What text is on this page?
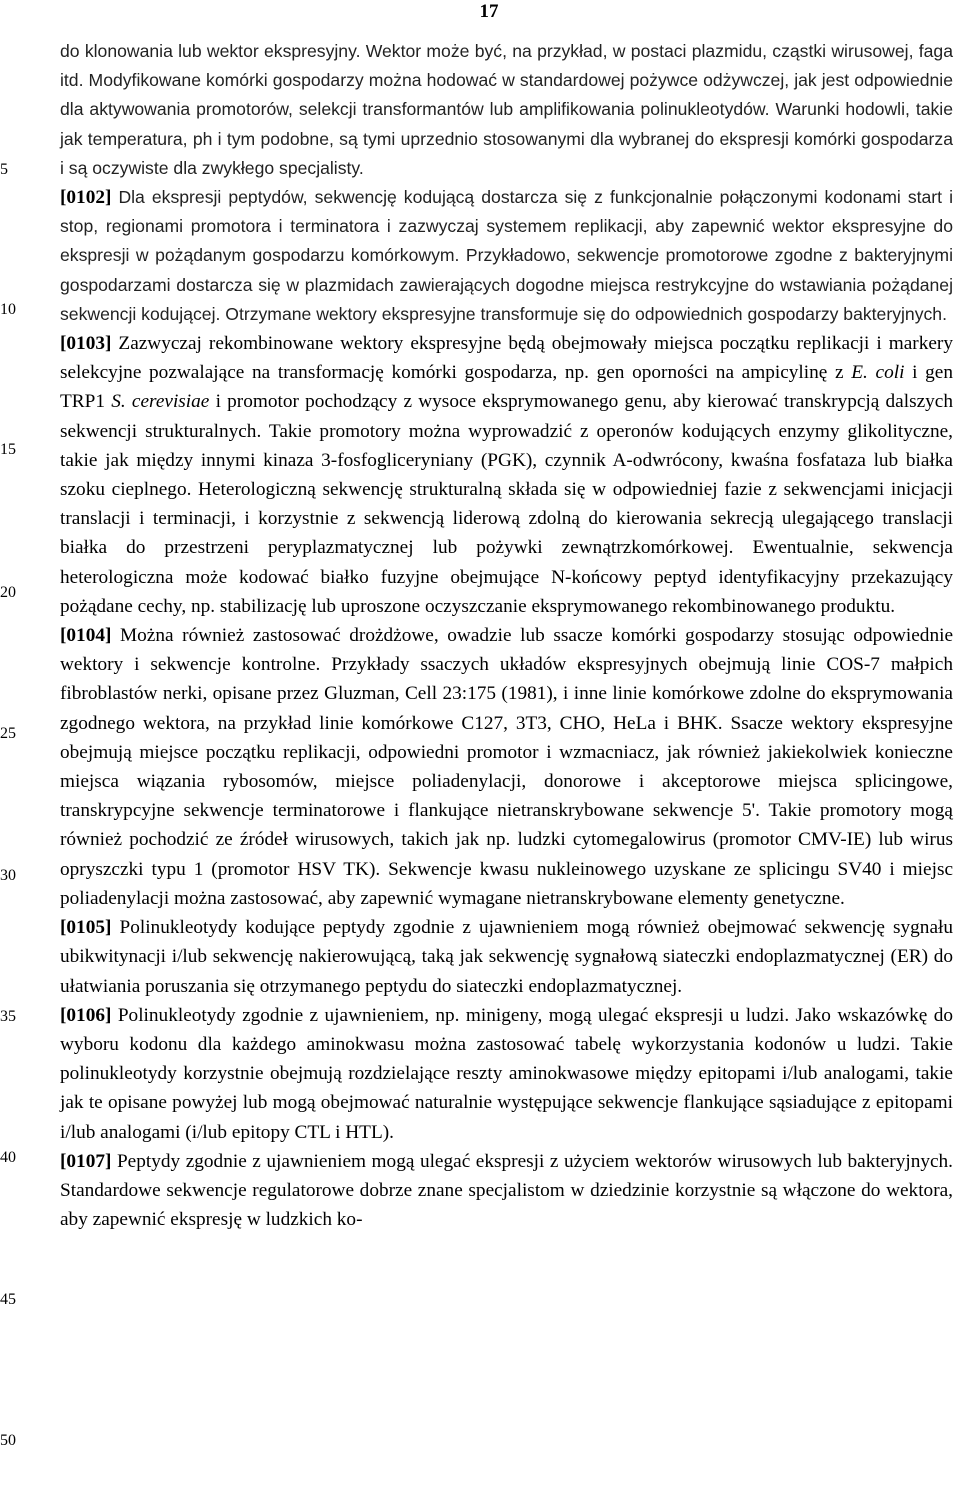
17
5
10
15
20
25
30
35
40
45
50

do klonowania lub wektor ekspresyjny. Wektor może być, na przykład, w postaci plazmidu, cząstki wirusowej, faga itd. Modyfikowane komórki gospodarzy można hodować w standardowej pożywce odżywczej, jak jest odpowiednie dla aktywowania promotorów, selekcji transformantów lub amplifikowania polinukleotydów. Warunki hodowli, takie jak temperatura, ph i tym podobne, są tymi uprzednio stosowanymi dla wybranej do ekspresji komórki gospodarza i są oczywiste dla zwykłego specjalisty.

[0102] Dla ekspresji peptydów, sekwencję kodującą dostarcza się z funkcjonalnie połączonymi kodonami start i stop, regionami promotora i terminatora i zazwyczaj systemem replikacji, aby zapewnić wektor ekspresyjne do ekspresji w pożądanym gospodarzu komórkowym. Przykładowo, sekwencje promotorowe zgodne z bakteryjnymi gospodarzami dostarcza się w plazmidach zawierających dogodne miejsca restrykcyjne do wstawiania pożądanej sekwencji kodującej. Otrzymane wektory ekspresyjne transformuje się do odpowiednich gospodarzy bakteryjnych.

[0103] Zazwyczaj rekombinowane wektory ekspresyjne będą obejmowały miejsca początku replikacji i markery selekcyjne pozwalające na transformację komórki gospodarza, np. gen oporności na ampicylinę z E. coli i gen TRP1 S. cerevisiae i promotor pochodzący z wysoce eksprymowanego genu, aby kierować transkrypcją dalszych sekwencji strukturalnych. Takie promotory można wyprowadzić z operonów kodujących enzymy glikolityczne, takie jak między innymi kinaza 3-fosfogliceryniany (PGK), czynnik A-odwrócony, kwaśna fosfataza lub białka szoku cieplnego. Heterologiczną sekwencję strukturalną składa się w odpowiedniej fazie z sekwencjami inicjacji translacji i terminacji, i korzystnie z sekwencją liderową zdolną do kierowania sekrecją ulegającego translacji białka do przestrzeni peryplazmatycznej lub pożywki zewnątrzkomórkowej. Ewentualnie, sekwencja heterologiczna może kodować białko fuzyjne obejmujące N-końcowy peptyd identyfikacyjny przekazujący pożądane cechy, np. stabilizację lub uproszone oczyszczanie eksprymowanego rekombinowanego produktu.

[0104] Można również zastosować drożdżowe, owadzie lub ssacze komórki gospodarzy stosując odpowiednie wektory i sekwencje kontrolne. Przykłady ssaczych układów ekspresyjnych obejmują linie COS-7 małpich fibroblastów nerki, opisane przez Gluzman, Cell 23:175 (1981), i inne linie komórkowe zdolne do eksprymowania zgodnego wektora, na przykład linie komórkowe C127, 3T3, CHO, HeLa i BHK. Ssacze wektory ekspresyjne obejmują miejsce początku replikacji, odpowiedni promotor i wzmacniacz, jak również jakiekolwiek konieczne miejsca wiązania rybosomów, miejsce poliadenylacji, donorowe i akceptorowe miejsca splicingowe, transkrypcyjne sekwencje terminatorowe i flankujące nietranskrybowane sekwencje 5'. Takie promotory mogą również pochodzić ze źródeł wirusowych, takich jak np. ludzki cytomegalowirus (promotor CMV-IE) lub wirus opryszczki typu 1 (promotor HSV TK). Sekwencje kwasu nukleinowego uzyskane ze splicingu SV40 i miejsc poliadenylacji można zastosować, aby zapewnić wymagane nietranskrybowane elementy genetyczne.

[0105] Polinukleotydy kodujące peptydy zgodnie z ujawnieniem mogą również obejmować sekwencję sygnału ubikwitynacji i/lub sekwencję nakierowującą, taką jak sekwencję sygnałową siateczki endoplazmatycznej (ER) do ułatwiania poruszania się otrzymanego peptydu do siateczki endoplazmatycznej.

[0106] Polinukleotydy zgodnie z ujawnieniem, np. minigeny, mogą ulegać ekspresji u ludzi. Jako wskazówkę do wyboru kodonu dla każdego aminokwasu można zastosować tabelę wykorzystania kodonów u ludzi. Takie polinukleotydy korzystnie obejmują rozdzielające reszty aminokwasowe między epitopami i/lub analogami, takie jak te opisane powyżej lub mogą obejmować naturalnie występujące sekwencje flankujące sąsiadujące z epitopami i/lub analogami (i/lub epitopy CTL i HTL).

[0107] Peptydy zgodnie z ujawnieniem mogą ulegać ekspresji z użyciem wektorów wirusowych lub bakteryjnych. Standardowe sekwencje regulatorowe dobrze znane specjalistom w dziedzinie korzystnie są włączone do wektora, aby zapewnić ekspresję w ludzkich ko-
